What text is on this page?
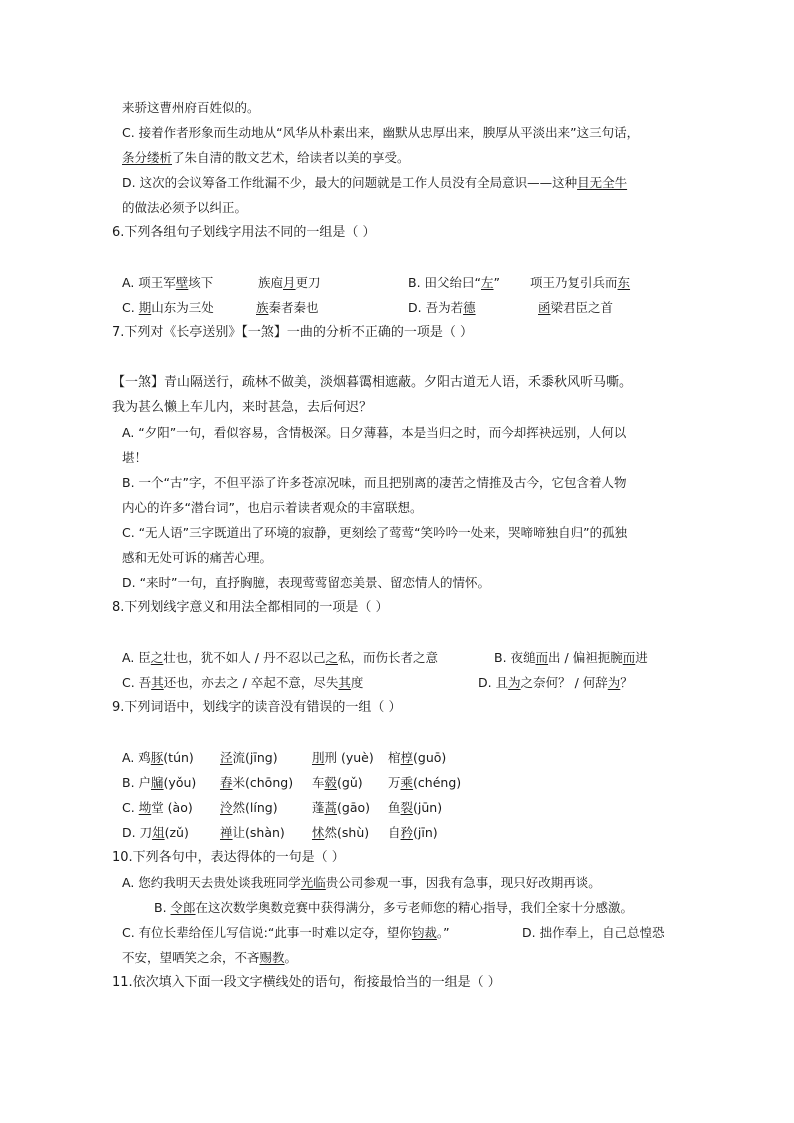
来骄这曹州府百姓似的。
C. 接着作者形象而生动地从“风华从朴素出来，幽默从忠厚出来，腴厚从平淡出来”这三句话，
条分缕析了朱自清的散文艺术，给读者以美的享受。
D. 这次的会议筹备工作纰漏不少，最大的问题就是工作人员没有全局意识——这种目无全牛
的做法必须予以纠正。
6.下列各组句子划线字用法不同的一组是（ ）
A. 项王军壁垓下	族庖月更刀	B. 田父绐曰“左” 项王乃复引兵而东
C. 期山东为三处	族秦者秦也	D. 吾为若德	函梁君臣之首
7.下列对《长亭送别》【一煞】一曲的分析不正确的一项是（ ）
【一煞】青山隔送行，疏林不做美，淡烟暮霭相遮蔽。夕阳古道无人语，禾黍秋风听马嘶。
我为甚么懒上车儿内，来时甚急，去后何迟？
A. “夕阳”一句，看似容易，含情极深。日夕薄暮，本是当归之时，而今却挥袂远别，人何以
堪！
B. 一个“古”字，不但平添了许多苍凉况味，而且把别离的凄苦之情推及古今，它包含着人物
内心的许多“潜台词”，也启示着读者观众的丰富联想。
C. “无人语”三字既道出了环境的寂静，更刻绘了莺莺“笑吟吟一处来，哭啼啼独自归”的孤独
感和无处可诉的痛苦心理。
D. “来时”一句，直抒胸臆，表现莺莺留恋美景、留恋情人的情怀。
8.下列划线字意义和用法全都相同的一项是（ ）
A. 臣之壮也，犹不如人 / 丹不忍以己之私，而伤长者之意	B. 夜缒而出 / 偏袒扼腕而进
C. 吾其还也，亦去之 / 卒起不意，尽失其度	D. 且为之奈何？ / 何辞为？
9.下列词语中，划线字的读音没有错误的一组（ ）
A. 鸡豚(tún) 泾流(jīng)	刖刑 (yuè) 棺椁(guō)
B. 户牖(yǒu) 舂米(chōng) 车毂(gǔ) 万乘(chéng)
C. 坳堂 (ào) 泠然(líng)	蓬蒿(gāo) 鱼裂(jūn)
D. 刀俎(zǔ) 禅让(shàn) 怵然(shù) 自矜(jīn)
10.下列各句中，表达得体的一句是（ ）
A. 您约我明天去贵处谈我班同学光临贵公司参观一事，因我有急事，现只好改期再谈。
B. 令郎在这次数学奥数竞赛中获得满分，多亏老师您的精心指导，我们全家十分感激。
C. 有位长辈给侄儿写信说:“此事一时难以定夺，望你钧裁。”	D. 拙作奉上，自己总惶恐
不安，望哂笑之余，不吝赐教。
11.依次填入下面一段文字横线处的语句，衔接最恰当的一组是（ ）
